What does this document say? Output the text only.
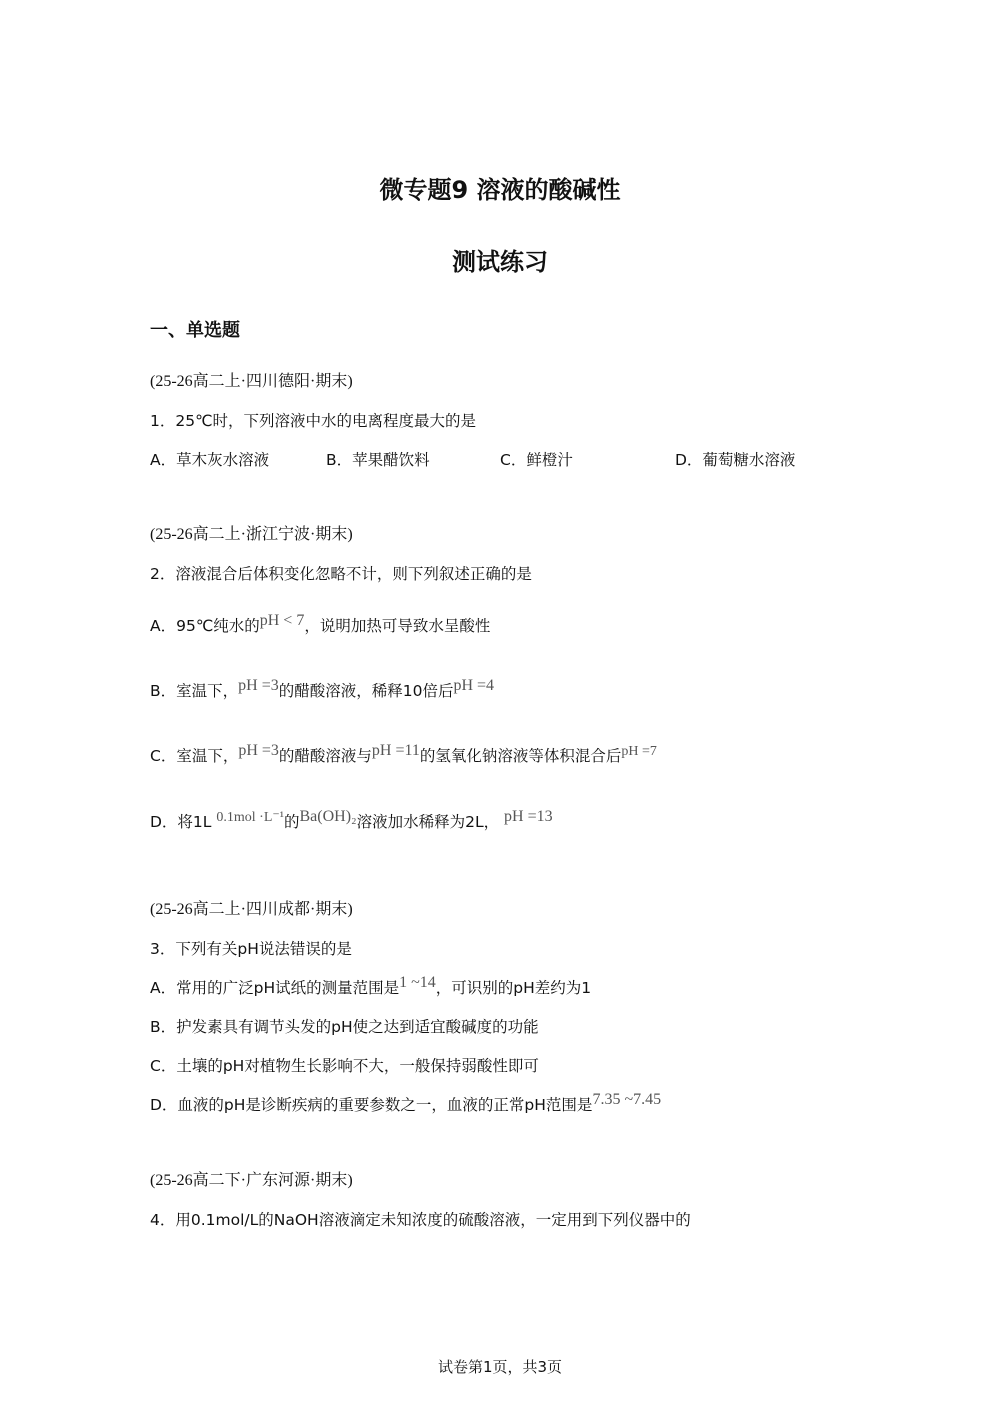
微专题9 溶液的酸碱性
测试练习
一、单选题
(25-26高二上·四川德阳·期末)
1．25℃时，下列溶液中水的电离程度最大的是
A．草木灰水溶液	B．苹果醋饮料	C．鲜橙汁	D．葡萄糖水溶液
(25-26高二上·浙江宁波·期末)
2．溶液混合后体积变化忽略不计，则下列叙述正确的是
A．95℃纯水的pH < 7，说明加热可导致水呈酸性
B．室温下，pH =3的醋酸溶液，稀释10倍后pH =4
C．室温下，pH =3的醋酸溶液与pH =11的氢氧化钠溶液等体积混合后pH =7
D．将1L 0.1mol ·L⁻¹的Ba(OH)₂溶液加水稀释为2L， pH =13
(25-26高二上·四川成都·期末)
3．下列有关pH说法错误的是
A．常用的广泛pH试纸的测量范围是1 ~14，可识别的pH差约为1
B．护发素具有调节头发的pH使之达到适宜酸碱度的功能
C．土壤的pH对植物生长影响不大，一般保持弱酸性即可
D．血液的pH是诊断疾病的重要参数之一，血液的正常pH范围是7.35 ~7.45
(25-26高二下·广东河源·期末)
4．用0.1mol/L的NaOH溶液滴定未知浓度的硫酸溶液，一定用到下列仪器中的
试卷第1页，共3页
